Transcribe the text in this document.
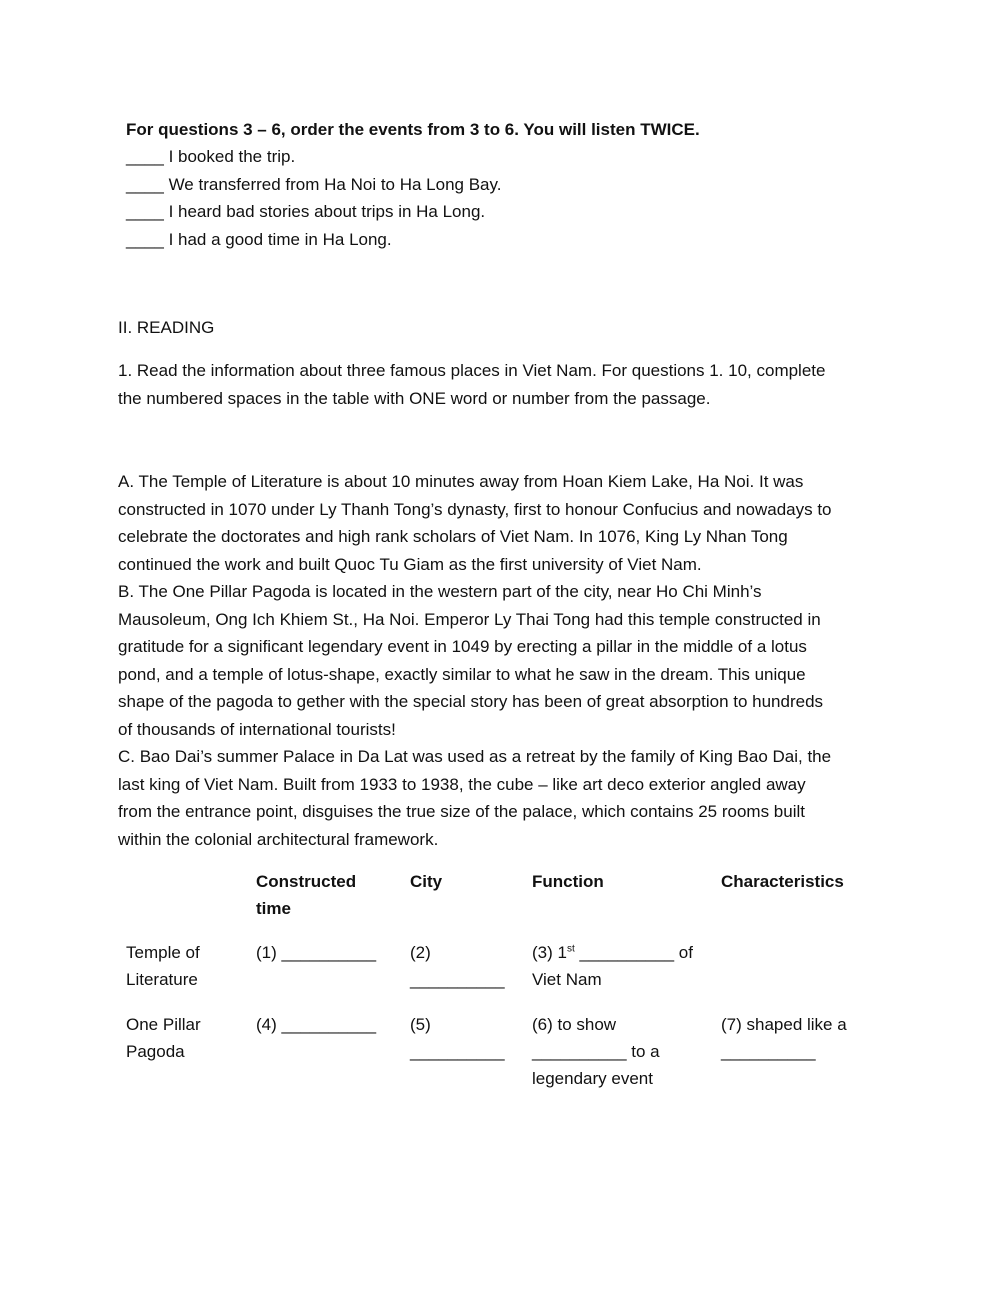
For questions 3 – 6, order the events from 3 to 6. You will listen TWICE.
____ I booked the trip.
____ We transferred from Ha Noi to Ha Long Bay.
____ I heard bad stories about trips in Ha Long.
____ I had a good time in Ha Long.
II. READING

1. Read the information about three famous places in Viet Nam. For questions 1. 10, complete

the numbered spaces in the table with ONE word or number from the passage.

A. The Temple of Literature is about 10 minutes away from Hoan Kiem Lake, Ha Noi. It was

constructed in 1070 under Ly Thanh Tong’s dynasty, first to honour Confucius and nowadays to

celebrate the doctorates and high rank scholars of Viet Nam. In 1076, King Ly Nhan Tong

continued the work and built Quoc Tu Giam as the first university of Viet Nam.

B. The One Pillar Pagoda is located in the western part of the city, near Ho Chi Minh’s

Mausoleum, Ong Ich Khiem St., Ha Noi. Emperor Ly Thai Tong had this temple constructed in

gratitude for a significant legendary event in 1049 by erecting a pillar in the middle of a lotus

pond, and a temple of lotus-shape, exactly similar to what he saw in the dream. This unique

shape of the pagoda to gether with the special story has been of great absorption to hundreds

of thousands of international tourists!

C. Bao Dai’s summer Palace in Da Lat was used as a retreat by the family of King Bao Dai, the

last king of Viet Nam. Built from 1933 to 1938, the cube – like art deco exterior angled away

from the entrance point, disguises the true size of the palace, which contains 25 rooms built

within the colonial architectural framework.

Constructed
time
City	Function	Characteristics
Temple of
Literature
(1) __________ (2)
__________
(3) 1st __________ of
Viet Nam
One Pillar
Pagoda
(4) __________ (5)
__________
(6) to show
__________ to a
legendary event
(7) shaped like a
__________
